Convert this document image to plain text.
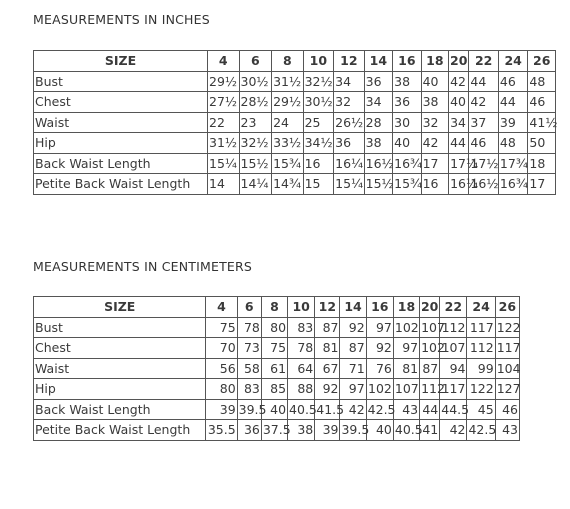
MEASUREMENTS IN INCHES
SIZE	4	6	8	10	12	14	16	18	20	22	24	26
Bust	29½	30½	31½	32½	34	36	38	40	42	44	46	48
Chest	27½	28½	29½	30½	32	34	36	38	40	42	44	46
Waist	22	23	24	25	26½	28	30	32	34	37	39	41½
Hip	31½	32½	33½	34½	36	38	40	42	44	46	48	50
Back Waist Length	15¼	15½	15¾	16	16¼	16½	16¾	17	17¼	17½	17¾	18
Petite Back Waist Length	14	14¼	14¾	15	15¼	15½	15¾	16	16¼	16½	16¾	17
MEASUREMENTS IN CENTIMETERS
SIZE	4	6	8	10	12	14	16	18	20	22	24	26
Bust	75	78	80	83	87	92	97	102	107	112	117	122
Chest	70	73	75	78	81	87	92	97	102	107	112	117
Waist	56	58	61	64	67	71	76	81	87	94	99	104
Hip	80	83	85	88	92	97	102	107	112	117	122	127
Back Waist Length	39	39.5	40	40.5	41.5	42	42.5	43	44	44.5	45	46
Petite Back Waist Length	35.5	36	37.5	38	39	39.5	40	40.5	41	42	42.5	43
